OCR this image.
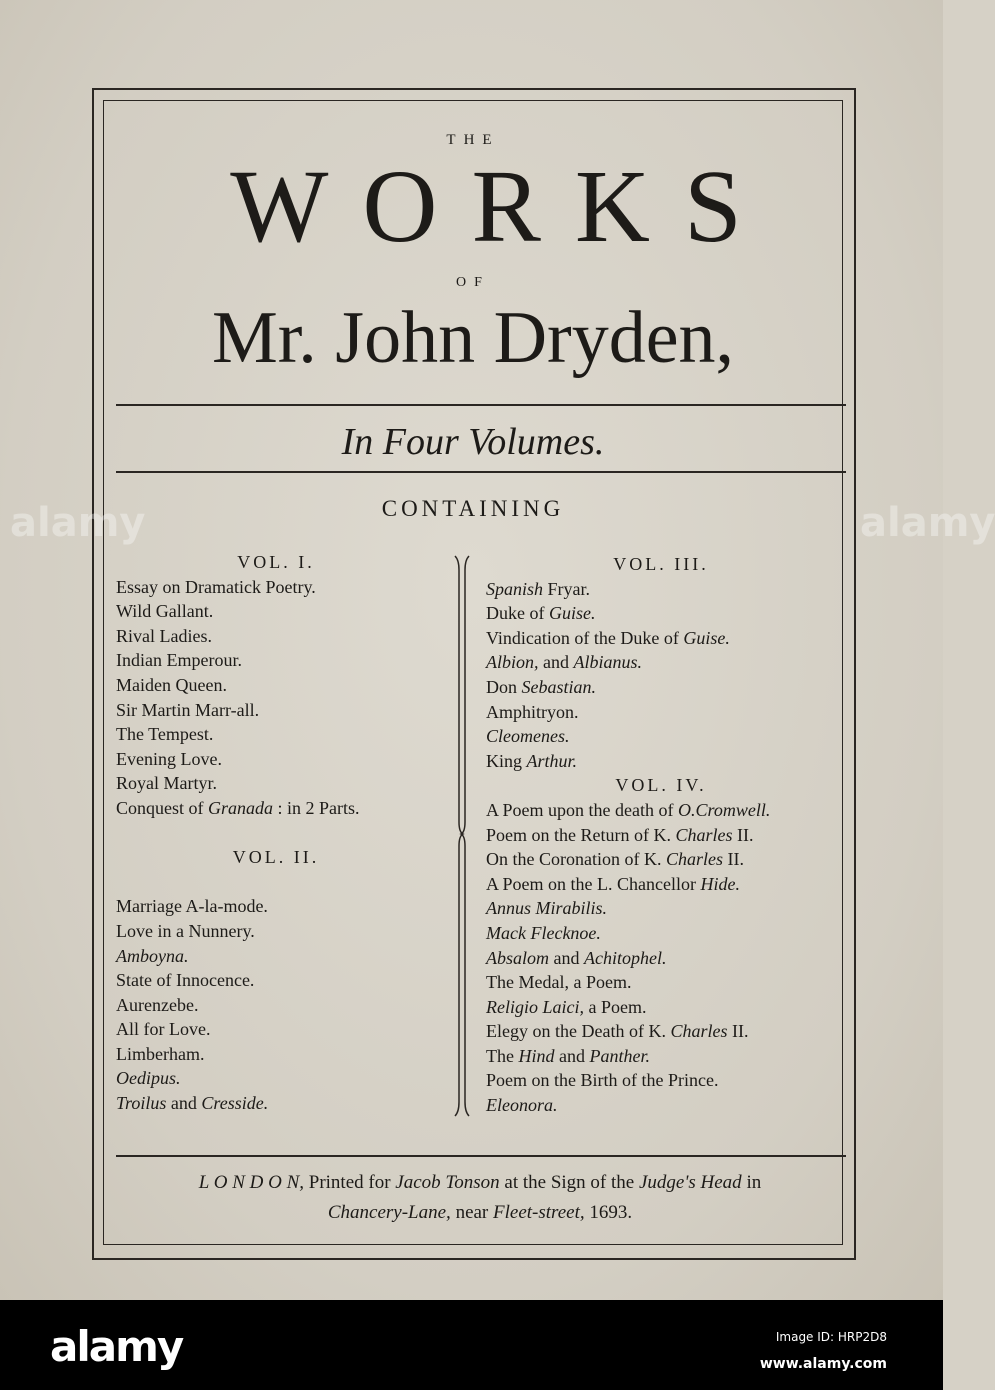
THE
WORKS
OF
Mr. John Dryden,
In Four Volumes.
CONTAINING
VOL. I.
Essay on Dramatick Poetry.
Wild Gallant.
Rival Ladies.
Indian Emperour.
Maiden Queen.
Sir Martin Marr-all.
The Tempest.
Evening Love.
Royal Martyr.
Conquest of Granada : in 2 Parts.

VOL. II.

Marriage A-la-mode.
Love in a Nunnery.
Amboyna.
State of Innocence.
Aurenzebe.
All for Love.
Limberham.
Oedipus.
Troilus and Cresside.
VOL. III.
Spanish Fryar.
Duke of Guise.
Vindication of the Duke of Guise.
Albion, and Albianus.
Don Sebastian.
Amphitryon.
Cleomenes.
King Arthur.
VOL. IV.
A Poem upon the death of O.Cromwell.
Poem on the Return of K. Charles II.
On the Coronation of K. Charles II.
A Poem on the L. Chancellor Hide.
Annus Mirabilis.
Mack Flecknoe.
Absalom and Achitophel.
The Medal, a Poem.
Religio Laici, a Poem.
Elegy on the Death of K. Charles II.
The Hind and Panther.
Poem on the Birth of the Prince.
Eleonora.
L O N D O N, Printed for Jacob Tonson at the Sign of the Judge's Head in
Chancery-Lane, near Fleet-street, 1693.
alamy	alamy
alamy	Image ID: HRP2D8
www.alamy.com
